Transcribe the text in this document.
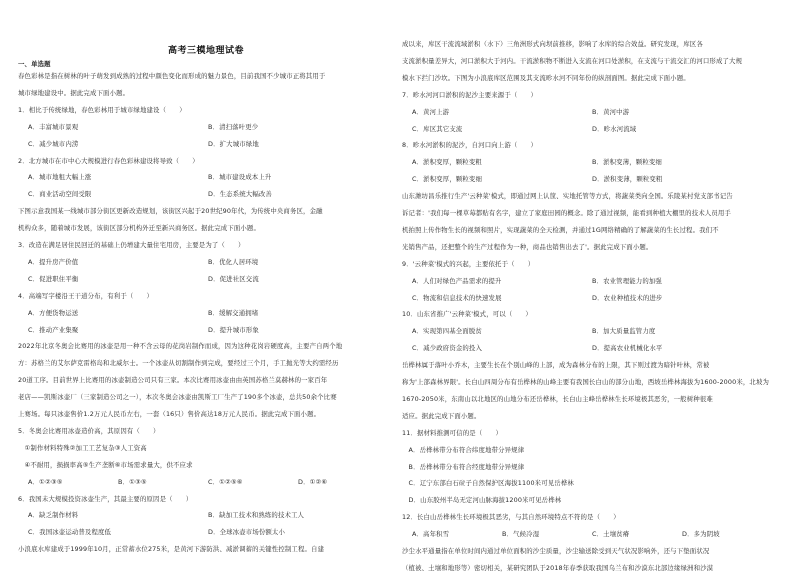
高考三模地理试卷
一、单选题
春色彩林是指在树林的叶子萌发到成熟的过程中颜色变化而形成的魅力景色，目前我国不少城市正将其用于
城市绿地建设中。据此完成下面小题。
1．相比于传统绿地，春色彩林用于城市绿地建设（　　）
A．丰富城市景观	B．清扫落叶更少
C．减少城市内涝	D．扩大城市绿地
2．北方城市在市中心大规模进行春色彩林建设将导致（　　）
A．城市地租大幅上涨	B．城市建设成本上升
C．商业活动空间受限	D．生态系统大幅改善
下图示意我国某一线城市部分街区更新改造规划，该街区兴起于20世纪90年代，为传统中央商务区，金融
机构众多，随着城市发展，该街区部分机构外迁至新兴商务区。据此完成下面小题。
3．改造在满足居住民回迁的基础上仍增建大量住宅用房，主要是为了（　　）
A．提升房产价值	B．优化人居环境
C．促进职住平衡	D．促进社区交流
4．高端写字楼沿王干道分布，有利于（　　）
A．方便货物运送	B．缓解交通拥堵
C．推动产业集聚	D．提升城市形象
2022年北京冬奥会比赛用的冰壶是用一种不含云母的花岗岩制作而成，因为这种花岗岩硬度高，主要产自两个地
方：苏格兰的艾尔萨克雷格岛和北威尔士。一个冰壶从切割制作到完成，要经过三个月，手工抛光等大约需经历
20道工序。目前世界上比赛用的冰壶制造公司只有三家。本次比赛用冰壶由由英国苏格兰莫赫林的一家百年
老店——凯斯冰壶厂（三家制造公司之一），本次冬奥会冰壶由凯斯工厂生产了190多个冰壶，总共50余个比赛
上赛场。每只冰壶售价1.2万元人民币左右，一套（16只）售价高达18万元人民币。据此完成下面小题。
5．冬奥会比赛用冰壶造价高，其原因有（　　）
　①制作材料特殊②加工工艺复杂③人工资高
　④不耐用，损损率高⑤生产垄断⑥市场需求量大，供不应求
A．①②③⑤	B．①③⑤	C．①②⑤⑥	D．①②⑥
6．我国未大规模投资冰壶生产，其最主要的原因是（　　）
A．缺乏制作材料	B．缺加工技术和熟练的技术工人
C．我国冰壶运动普及程度低	D．全球冰壶市场份额太小
小浪底水库建成于1999年10月，正常蓄水位275米，是黄河下游防洪、减淤调蓄的关键性控制工程。自建
成以来，库区干流流域淤积（水下）三角洲形式向坝前推移，影响了水库的综合效益。研究发现，库区各
支流淤积量差异大，河口淤积大于河内。干流淤积物不断进入支流在河口处淤积，在支流与干流交汇的河口形成了大规
模水下拦门沙坎。下图为小浪底库区范围及其支流畛水河不同年份的纵剖面图。据此完成下面小题。
7．畛水河河口淤积的泥沙主要来源于（　　）
A．黄河上游	B．黄河中游
C．库区其它支流	D．畛水河流域
8．畛水河淤积的泥沙，自河口向上游（　　）
A．淤积变厚，颗粒变粗	B．淤积变薄，颗粒变细
C．淤积变厚，颗粒变细	D．淤积变薄，颗粒变粗
山东潍坊昌乐推行生产'云种菜'模式，即通过网上认筐、实地托管等方式，将蔬菜类向全国。乐陵某村党支部书记告
诉记者：'我们每一棵草莓都贴有名字，建立了家庭田园的概念。除了通过视频，能看到种植大棚里的技术人员用手
机拍照上传作物生长的视频和照片，实现蔬菜的全天检测，并通过1G网络精确的了解蔬菜的生长过程。我们不
光销售产品，还把整个的生产过程作为一种，商品也销售出去了'。据此完成下面小题。
9．'云种菜'模式的兴起，主要依托于（　　）
A．人们对绿色产品需求的提升	B．农业管理能力的加强
C．物流和信息技术的快速发展	D．农业种植技术的进步
10．山东省推广'云种菜'模式，可以（　　）
A．实现第四基全面脱贫	B．加大质量监管力度
C．减少政府资金的投入	D．提高农业机械化水平
岳桦林属于落叶小乔木，主要生长在个别山峰的上部，成为森林分布的上限，其下则过渡为暗针叶林，常被
称为'上部森林界限'。长白山四周分布有岳桦林的山峰主要有我国长白山的部分山地，西坡岳桦林海拔为1600-2000米，北坡为
1670-2050米，东南山以北地区的山地分布还岳桦林，长白山主峰岳桦林生长环境极其恶劣，一般树种很难
适应。据此完成下面小题。
11．据材料推测可信的是（　　）
　A．岳桦林带分布符合纬度地带分异规律
　B．岳桦林带分布符合经度地带分异规律
　C．辽宁东部白石砬子自然保护区海拔1100米可见岳桦林
　D．山东胶州半岛无定河山脉海拔1200米可见岳桦林
12．长白山岳桦林生长环境极其恶劣，与其自然环境特点不符的是（　　）
A．高年积雪	B．气候冷湿	C．土壤贫瘠	D．多为阴坡
沙尘水平通量指在单位时间内通过单位面积的沙尘质量，沙尘输送除受到天气状况影响外，还与下垫面状况
（植被、土壤和地形等）密切相关，某研究团队于2018年春季获取我国乌兰布和沙漠东北部边缘绿洲和沙漠
